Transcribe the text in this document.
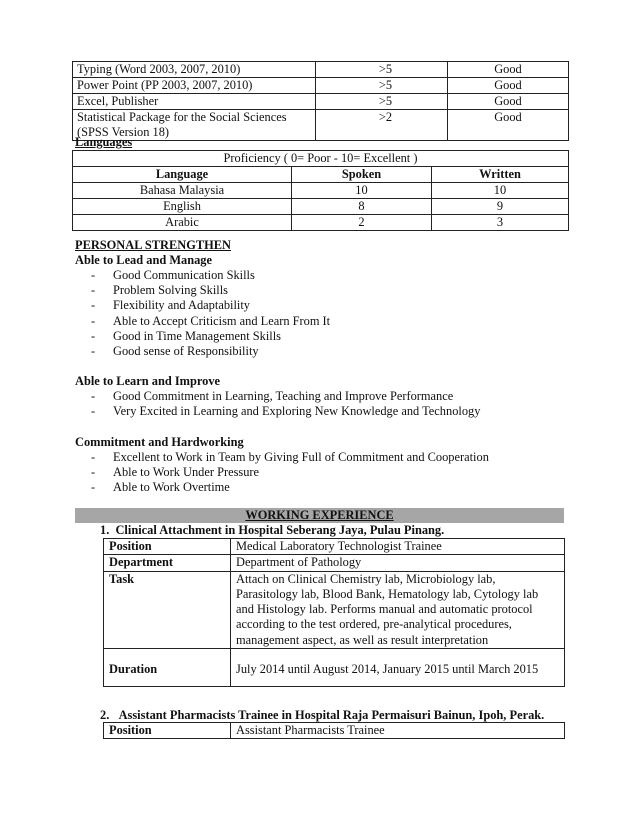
Typing (Word 2003, 2007, 2010)	>5	Good
Power Point (PP 2003, 2007, 2010)	>5	Good
Excel, Publisher	>5	Good
Statistical Package for the Social Sciences (SPSS Version 18)	>2	Good
Languages
Proficiency ( 0= Poor - 10= Excellent )		
Language	Spoken	Written
Bahasa Malaysia	10	10
English	8	9
Arabic	2	3
PERSONAL STRENGTHEN
Able to Lead and Manage
- Good Communication Skills
- Problem Solving Skills
- Flexibility and Adaptability
- Able to Accept Criticism and Learn From It
- Good in Time Management Skills
- Good sense of Responsibility
Able to Learn and Improve
- Good Commitment in Learning, Teaching and Improve Performance
- Very Excited in Learning and Exploring New Knowledge and Technology
Commitment and Hardworking
- Excellent to Work in Team by Giving Full of Commitment and Cooperation
- Able to Work Under Pressure
- Able to Work Overtime
WORKING EXPERIENCE
1.  Clinical Attachment in Hospital Seberang Jaya, Pulau Pinang.
Position	Medical Laboratory Technologist Trainee
Department	Department of Pathology
Task	Attach on Clinical Chemistry lab, Microbiology lab, Parasitology lab, Blood Bank, Hematology lab, Cytology lab and Histology lab. Performs manual and automatic protocol according to the test ordered, pre-analytical procedures, management aspect, as well as result interpretation
Duration	July 2014 until August 2014, January 2015 until March 2015
2.   Assistant Pharmacists Trainee in Hospital Raja Permaisuri Bainun, Ipoh, Perak.
Position	Assistant Pharmacists Trainee
